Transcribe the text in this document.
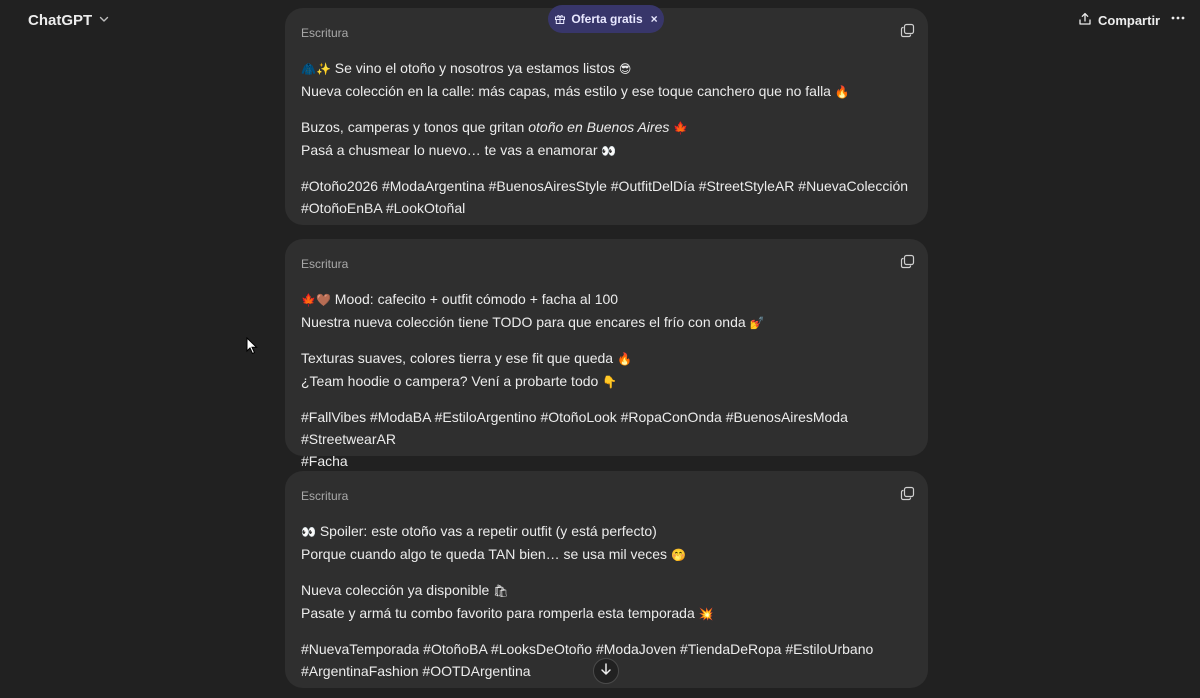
ChatGPT	Oferta gratis ×	Compartir
Escritura

🧥✨ Se vino el otoño y nosotros ya estamos listos 😎
Nueva colección en la calle: más capas, más estilo y ese toque canchero que no falla 🔥

Buzos, camperas y tonos que gritan otoño en Buenos Aires 🍁
Pasá a chusmear lo nuevo… te vas a enamorar 👀

#Otoño2026 #ModaArgentina #BuenosAiresStyle #OutfitDelDía #StreetStyleAR #NuevaColección
#OtoñoEnBA #LookOtoñal

Escritura

🍁🤎 Mood: cafecito + outfit cómodo + facha al 100
Nuestra nueva colección tiene TODO para que encares el frío con onda 💅

Texturas suaves, colores tierra y ese fit que queda 🔥
¿Team hoodie o campera? Vení a probarte todo 👇

#FallVibes #ModaBA #EstiloArgentino #OtoñoLook #RopaConOnda #BuenosAiresModa #StreetwearAR
#Facha

Escritura

👀 Spoiler: este otoño vas a repetir outfit (y está perfecto)
Porque cuando algo te queda TAN bien… se usa mil veces 🤭

Nueva colección ya disponible 🛍
Pasate y armá tu combo favorito para romperla esta temporada 💥

#NuevaTemporada #OtoñoBA #LooksDeOtoño #ModaJoven #TiendaDeRopa #EstiloUrbano
#ArgentinaFashion #OOTDArgentina
